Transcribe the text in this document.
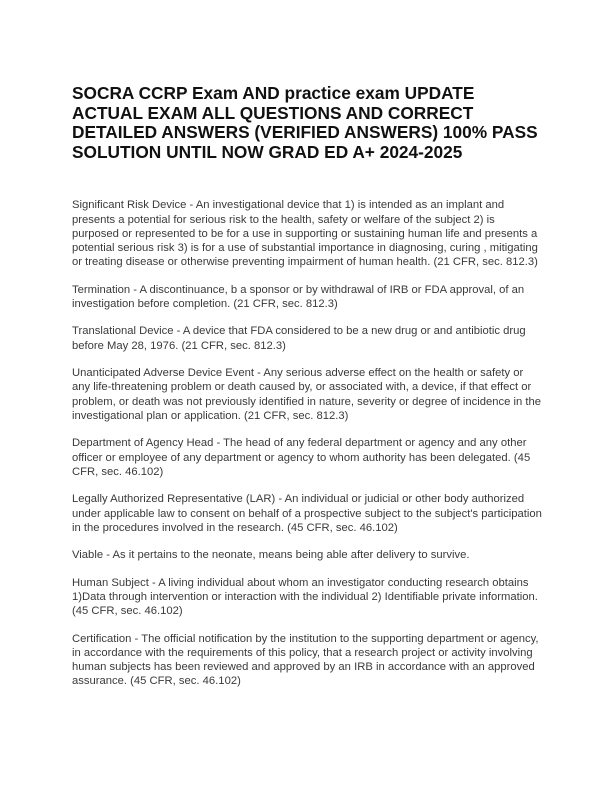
SOCRA CCRP Exam AND practice exam UPDATE ACTUAL EXAM ALL QUESTIONS AND CORRECT DETAILED ANSWERS (VERIFIED ANSWERS) 100% PASS SOLUTION UNTIL NOW GRAD ED A+ 2024-2025

Significant Risk Device - An investigational device that 1) is intended as an implant and presents a potential for serious risk to the health, safety or welfare of the subject 2) is purposed or represented to be for a use in supporting or sustaining human life and presents a potential serious risk 3) is for a use of substantial importance in diagnosing, curing , mitigating or treating disease or otherwise preventing impairment of human health. (21 CFR, sec. 812.3)

Termination - A discontinuance, b a sponsor or by withdrawal of IRB or FDA approval, of an investigation before completion. (21 CFR, sec. 812.3)

Translational Device - A device that FDA considered to be a new drug or and antibiotic drug before May 28, 1976. (21 CFR, sec. 812.3)

Unanticipated Adverse Device Event - Any serious adverse effect on the health or safety or any life-threatening problem or death caused by, or associated with, a device, if that effect or problem, or death was not previously identified in nature, severity or degree of incidence in the investigational plan or application. (21 CFR, sec. 812.3)

Department of Agency Head - The head of any federal department or agency and any other officer or employee of any department or agency to whom authority has been delegated. (45 CFR, sec. 46.102)

Legally Authorized Representative (LAR) - An individual or judicial or other body authorized under applicable law to consent on behalf of a prospective subject to the subject's participation in the procedures involved in the research. (45 CFR, sec. 46.102)

Viable - As it pertains to the neonate, means being able after delivery to survive.

Human Subject - A living individual about whom an investigator conducting research obtains 1)Data through intervention or interaction with the individual 2) Identifiable private information. (45 CFR, sec. 46.102)

Certification - The official notification by the institution to the supporting department or agency, in accordance with the requirements of this policy, that a research project or activity involving human subjects has been reviewed and approved by an IRB in accordance with an approved assurance. (45 CFR, sec. 46.102)
